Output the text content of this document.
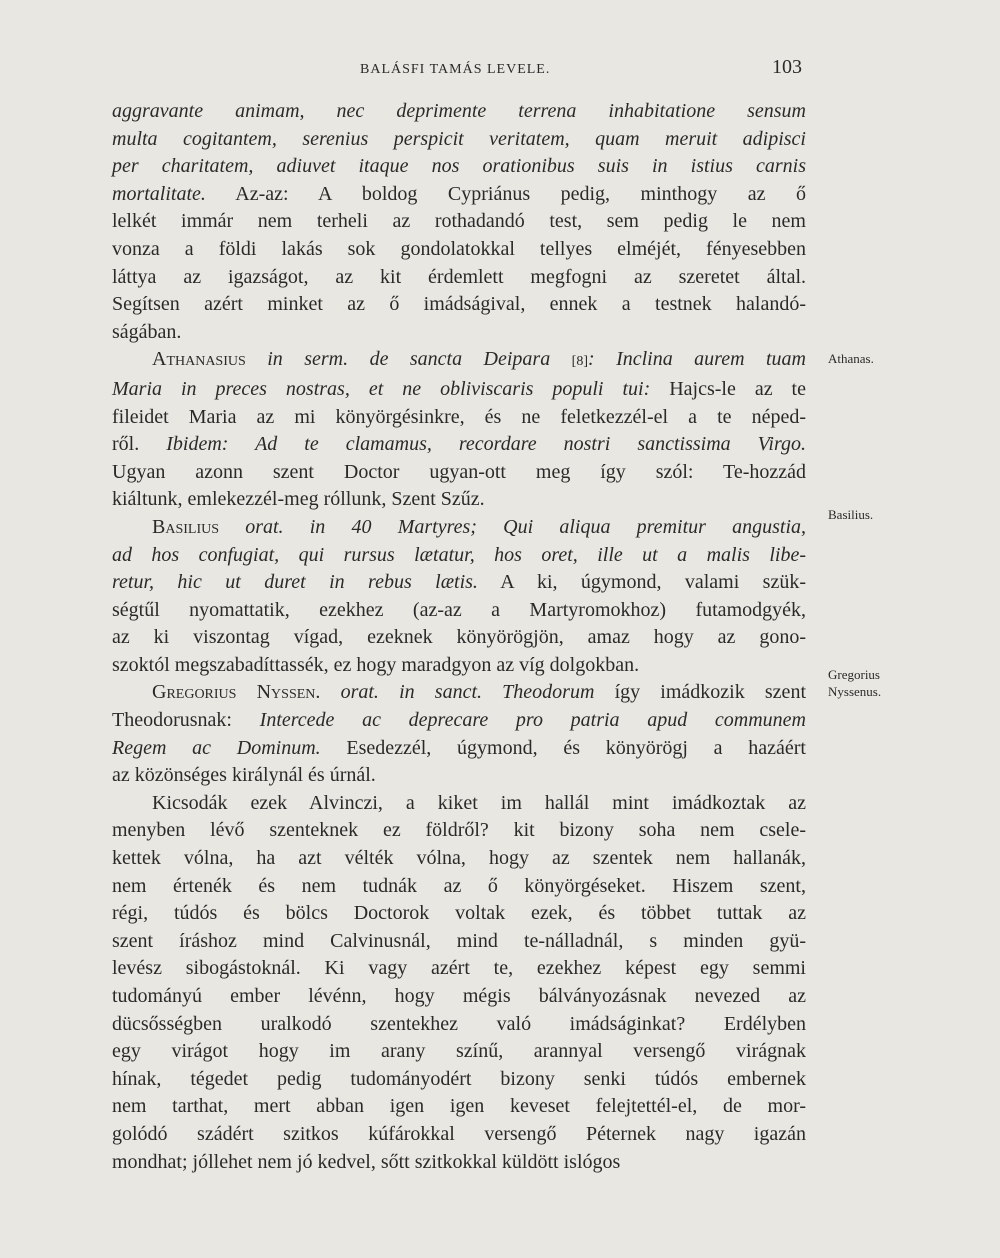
BALÁSFI TAMÁS LEVELE.	103
aggravante animam, nec deprimente terrena inhabitatione sensum
multa cogitantem, serenius perspicit veritatem, quam meruit adipisci
per charitatem, adiuvet itaque nos orationibus suis in istius carnis
mortalitate. Az-az: A boldog Cypriánus pedig, minthogy az ő
lelkét immár nem terheli az rothadandó test, sem pedig le nem
vonza a földi lakás sok gondolatokkal tellyes elméjét, fényesebben
láttya az igazságot, az kit érdemlett megfogni az szeretet által.
Segítsen azért minket az ő imádságival, ennek a testnek halandó-
ságában.
Athanasius in serm. de sancta Deipara [8]: Inclina aurem tuam
Maria in preces nostras, et ne obliviscaris populi tui: Hajcs-le az te
fileidet Maria az mi könyörgésinkre, és ne feletkezzél-el a te néped-
ről. Ibidem: Ad te clamamus, recordare nostri sanctissima Virgo.
Ugyan azonn szent Doctor ugyan-ott meg így szól: Te-hozzád
kiáltunk, emlekezzél-meg róllunk, Szent Szűz.
Basilius orat. in 40 Martyres; Qui aliqua premitur angustia,
ad hos confugiat, qui rursus lætatur, hos oret, ille ut a malis libe-
retur, hic ut duret in rebus lætis. A ki, úgymond, valami szük-
ségtűl nyomattatik, ezekhez (az-az a Martyromokhoz) futamodgyék,
az ki viszontag vígad, ezeknek könyörögjön, amaz hogy az gono-
szoktól megszabadíttassék, ez hogy maradgyon az víg dolgokban.
Gregorius Nyssen. orat. in sanct. Theodorum így imádkozik szent
Theodorusnak: Intercede ac deprecare pro patria apud communem
Regem ac Dominum. Esedezzél, úgymond, és könyörögj a hazáért
az közönséges királynál és úrnál.
Kicsodák ezek Alvinczi, a kiket im hallál mint imádkoztak az
menyben lévő szenteknek ez földről? kit bizony soha nem csele-
kettek vólna, ha azt vélték vólna, hogy az szentek nem hallanák,
nem értenék és nem tudnák az ő könyörgéseket. Hiszem szent,
régi, túdós és bölcs Doctorok voltak ezek, és többet tuttak az
szent íráshoz mind Calvinusnál, mind te-nálladnál, s minden gyü-
levész sibogástoknál. Ki vagy azért te, ezekhez képest egy semmi
tudományú ember lévénn, hogy mégis bálványozásnak nevezed az
dücsősségben uralkodó szentekhez való imádságinkat? Erdélyben
egy virágot hogy im arany színű, arannyal versengő virágnak
hínak, tégedet pedig tudományodért bizony senki túdós embernek
nem tarthat, mert abban igen igen keveset felejtettél-el, de mor-
golódó szádért szitkos kúfárokkal versengő Péternek nagy igazán
mondhat; jóllehet nem jó kedvel, sőtt szitkokkal küldött islógos
Athanas.
Basilius.
Gregorius
Nyssenus.
